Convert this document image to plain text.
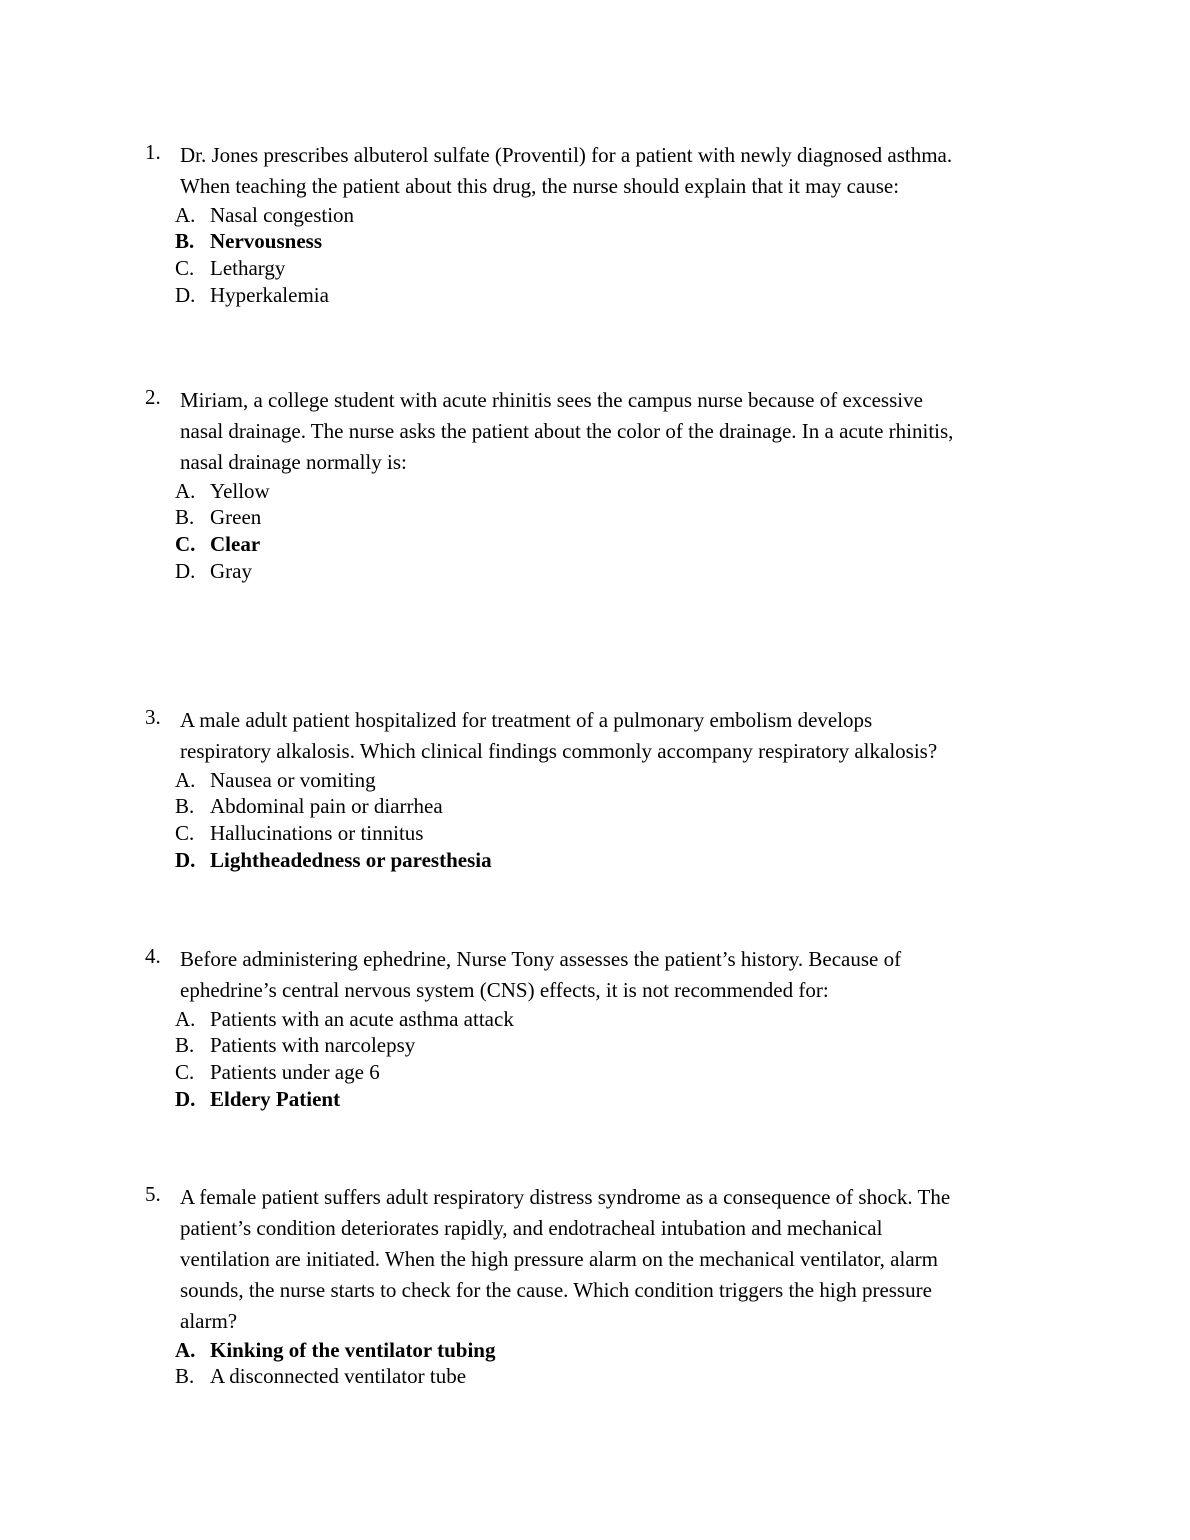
Dr. Jones prescribes albuterol sulfate (Proventil) for a patient with newly diagnosed asthma.
1.
When teaching the patient about this drug, the nurse should explain that it may cause:
A. Nasal congestion
B. Nervousness
C. Lethargy
D. Hyperkalemia
Miriam, a college student with acute rhinitis sees the campus nurse because of excessive
2.
nasal drainage. The nurse asks the patient about the color of the drainage. In a acute rhinitis,
nasal drainage normally is:
A. Yellow
B. Green
C. Clear
D. Gray
A male adult patient hospitalized for treatment of a pulmonary embolism develops
3.
respiratory alkalosis. Which clinical findings commonly accompany respiratory alkalosis?
A. Nausea or vomiting
B. Abdominal pain or diarrhea
C. Hallucinations or tinnitus
D. Lightheadedness or paresthesia
Before administering ephedrine, Nurse Tony assesses the patient’s history. Because of
4.
ephedrine’s central nervous system (CNS) effects, it is not recommended for:
A. Patients with an acute asthma attack
B. Patients with narcolepsy
C. Patients under age 6
D. Eldery Patient
A female patient suffers adult respiratory distress syndrome as a consequence of shock. The
5.
patient’s condition deteriorates rapidly, and endotracheal intubation and mechanical
ventilation are initiated. When the high pressure alarm on the mechanical ventilator, alarm
sounds, the nurse starts to check for the cause. Which condition triggers the high pressure
alarm?
A. Kinking of the ventilator tubing
B. A disconnected ventilator tube
